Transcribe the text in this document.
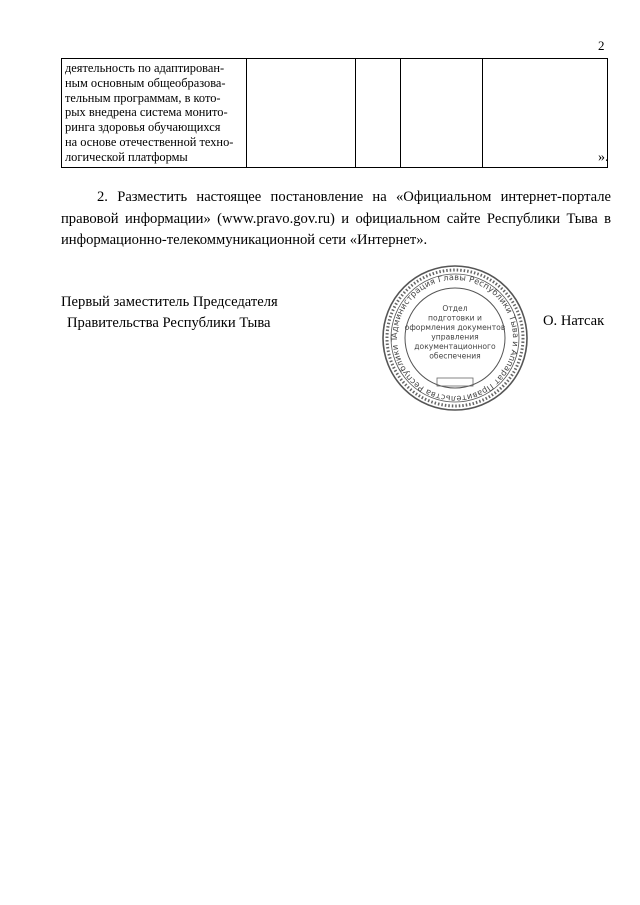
2
деятельность по адаптирован-
ным основным общеобразова-
тельным программам, в кото-
рых внедрена система монито-
ринга здоровья обучающихся
на основе отечественной техно-
логической платформы
					».
2. Разместить настоящее постановление на «Официальном интернет-портале правовой информации» (www.pravo.gov.ru) и официальном сайте Республики Тыва в информационно-телекоммуникационной сети «Интернет».
Первый заместитель Председателя
Правительства Республики Тыва
Администрация Главы Республики Тыва и Аппарат Правительства Республики Т
Отдел подготовки и оформления документов управления документационного обеспечения
О. Натсак
